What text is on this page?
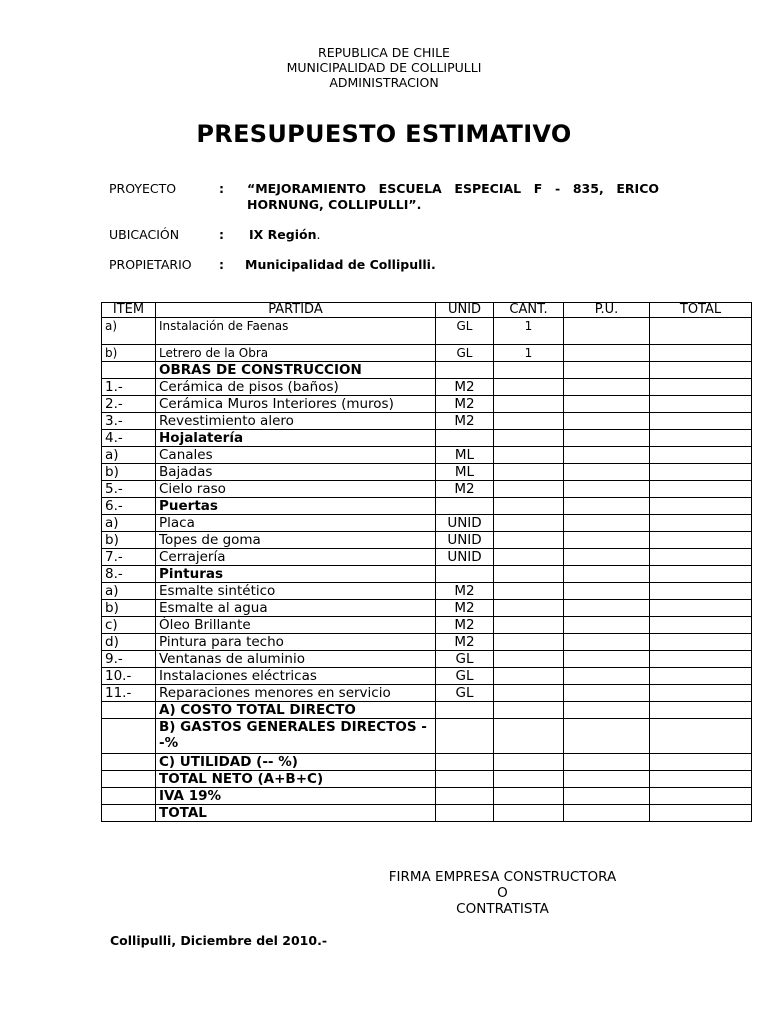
REPUBLICA DE CHILE
MUNICIPALIDAD DE COLLIPULLI
ADMINISTRACION
PRESUPUESTO ESTIMATIVO
PROYECTO	: “MEJORAMIENTO ESCUELA ESPECIAL F - 835, ERICO HORNUNG, COLLIPULLI”.
UBICACIÓN	: IX Región.
PROPIETARIO : Municipalidad de Collipulli.
ITEM	PARTIDA	UNID	CANT.	P.U.	TOTAL
a)	Instalación de Faenas	GL	1		
b)	Letrero de la Obra	GL	1		
	OBRAS DE CONSTRUCCION				
1.-	Cerámica de pisos (baños)	M2			
2.-	Cerámica Muros Interiores (muros)	M2			
3.-	Revestimiento alero	M2			
4.-	Hojalatería				
a)	Canales	ML			
b)	Bajadas	ML			
5.-	Cielo raso	M2			
6.-	Puertas				
a)	Placa	UNID			
b)	Topes de goma	UNID			
7.-	Cerrajería	UNID			
8.-	Pinturas				
a)	Esmalte sintético	M2			
b)	Esmalte al agua	M2			
c)	Óleo Brillante	M2			
d)	Pintura para techo	M2			
9.-	Ventanas de aluminio	GL			
10.-	Instalaciones eléctricas	GL			
11.-	Reparaciones menores en servicio	GL			
	A) COSTO TOTAL DIRECTO				
	B) GASTOS GENERALES DIRECTOS --%				
	C) UTILIDAD (-- %)				
	TOTAL NETO (A+B+C)				
	IVA 19%				
	TOTAL				
FIRMA EMPRESA CONSTRUCTORA
O
CONTRATISTA
Collipulli, Diciembre del 2010.-
